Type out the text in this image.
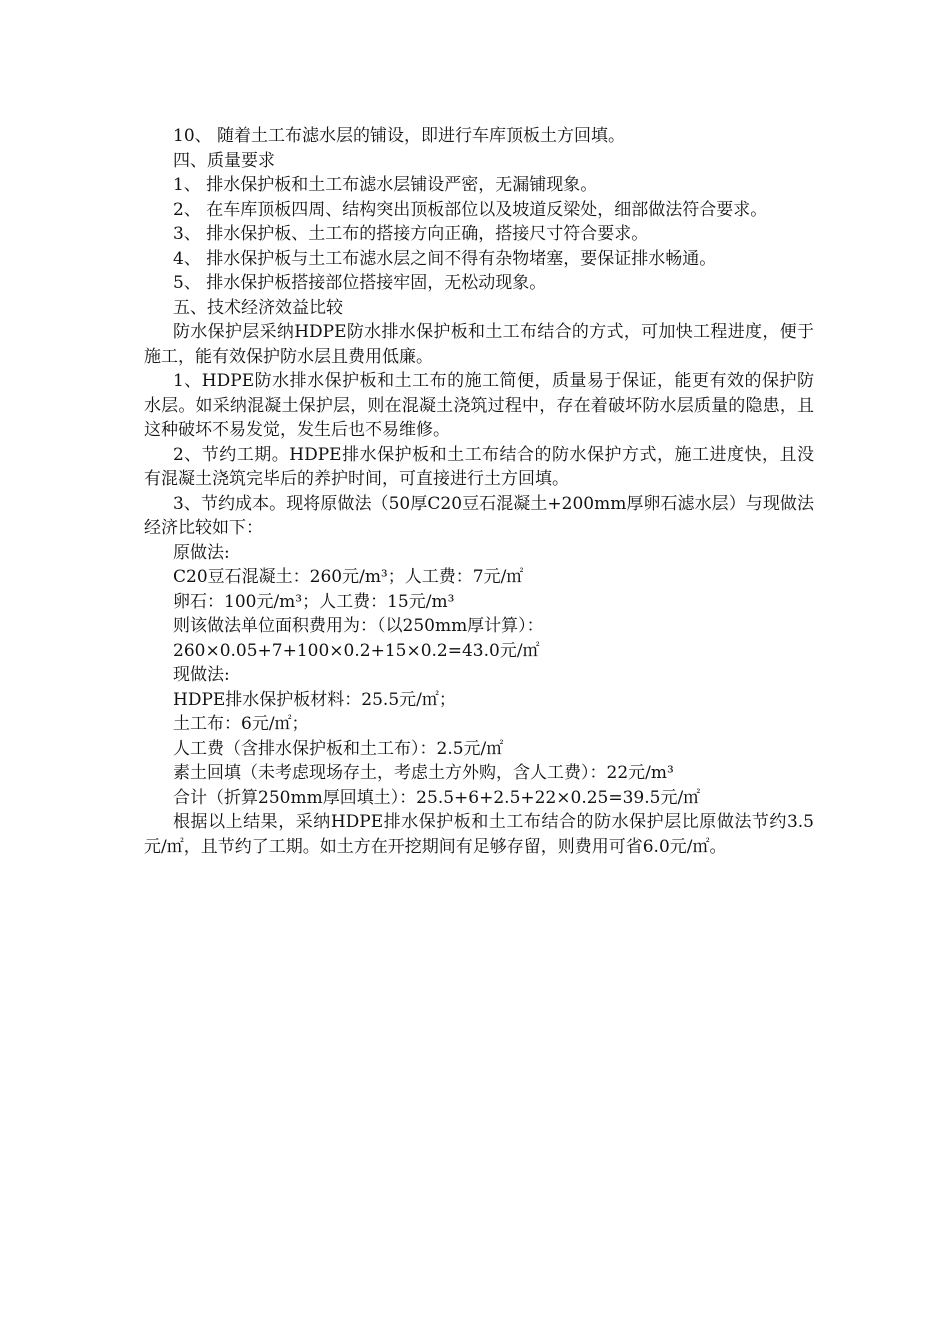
10、 随着土工布滤水层的铺设，即进行车库顶板土方回填。

四、质量要求

1、 排水保护板和土工布滤水层铺设严密，无漏铺现象。

2、 在车库顶板四周、结构突出顶板部位以及坡道反梁处，细部做法符合要求。

3、 排水保护板、土工布的搭接方向正确，搭接尺寸符合要求。

4、 排水保护板与土工布滤水层之间不得有杂物堵塞，要保证排水畅通。

5、 排水保护板搭接部位搭接牢固，无松动现象。

五、技术经济效益比较

防水保护层采纳HDPE防水排水保护板和土工布结合的方式，可加快工程进度，便于施工，能有效保护防水层且费用低廉。

1、HDPE防水排水保护板和土工布的施工简便，质量易于保证，能更有效的保护防水层。如采纳混凝土保护层，则在混凝土浇筑过程中，存在着破坏防水层质量的隐患，且这种破坏不易发觉，发生后也不易维修。

2、节约工期。HDPE排水保护板和土工布结合的防水保护方式，施工进度快，且没有混凝土浇筑完毕后的养护时间，可直接进行土方回填。

3、节约成本。现将原做法（50厚C20豆石混凝土+200mm厚卵石滤水层）与现做法经济比较如下：

原做法:

C20豆石混凝土：260元/m³；人工费：7元/㎡

卵石：100元/m³；人工费：15元/m³

则该做法单位面积费用为：（以250mm厚计算）：

260×0.05+7+100×0.2+15×0.2=43.0元/㎡

现做法:

HDPE排水保护板材料：25.5元/㎡；

土工布：6元/㎡；

人工费（含排水保护板和土工布）：2.5元/㎡

素土回填（未考虑现场存土，考虑土方外购，含人工费）：22元/m³

合计（折算250mm厚回填土）：25.5+6+2.5+22×0.25=39.5元/㎡

根据以上结果，采纳HDPE排水保护板和土工布结合的防水保护层比原做法节约3.5元/㎡，且节约了工期。如土方在开挖期间有足够存留，则费用可省6.0元/㎡。
